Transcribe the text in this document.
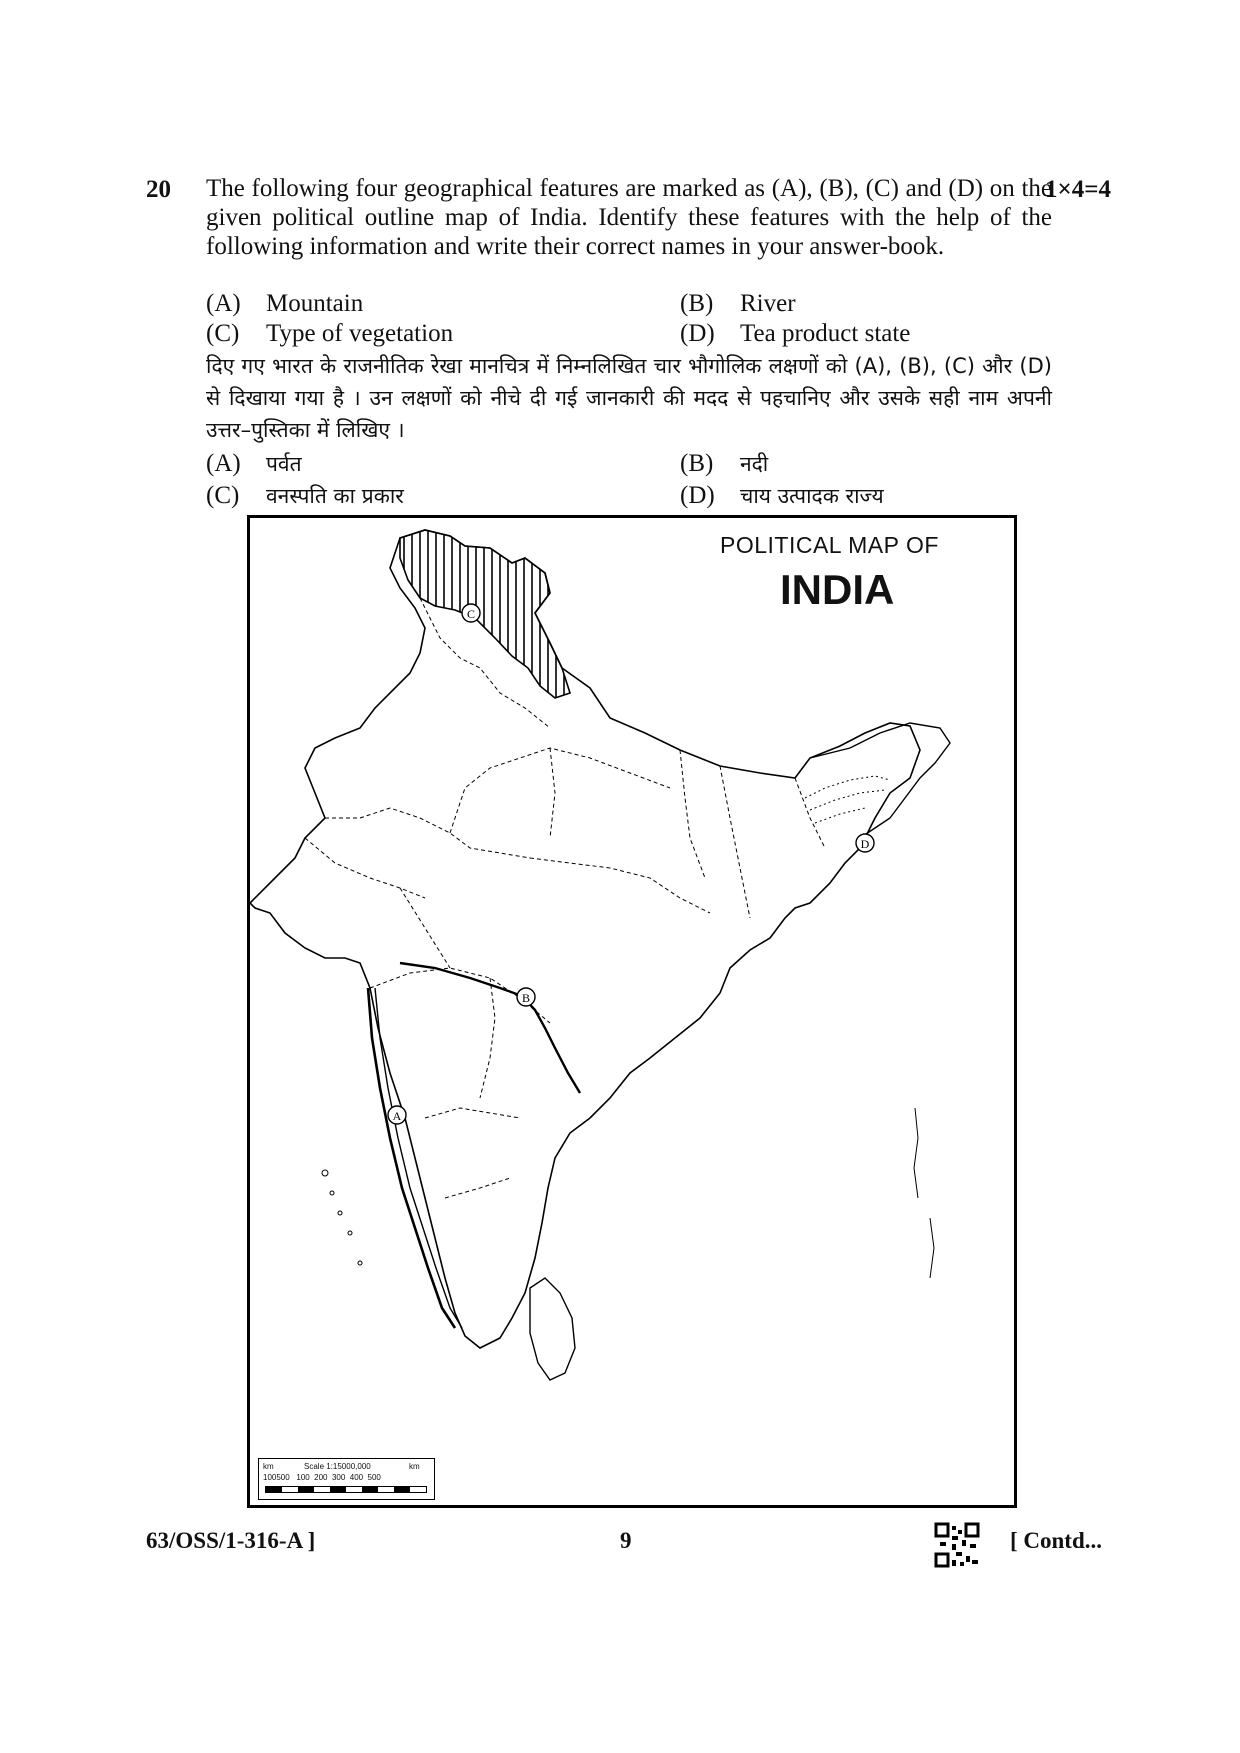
20	1×4=4
The following four geographical features are marked as (A), (B), (C) and (D) on the given political outline map of India. Identify these features with the help of the following information and write their correct names in your answer-book.
(A) Mountain	(B) River
(C) Type of vegetation	(D) Tea product state
दिए गए भारत के राजनीतिक रेखा मानचित्र में निम्नलिखित चार भौगोलिक लक्षणों को (A), (B), (C) और (D) से दिखाया गया है । उन लक्षणों को नीचे दी गई जानकारी की मदद से पहचानिए और उसके सही नाम अपनी उत्तर–पुस्तिका में लिखिए ।
(A) पर्वत	(B) नदी
(C) वनस्पति का प्रकार	(D) चाय उत्पादक राज्य
A
B
C
D
POLITICAL MAP OF
INDIA
km	Scale 1:15000,000	km
100500   100  200  300  400  500
63/OSS/1-316-A ]	9	[ Contd...
